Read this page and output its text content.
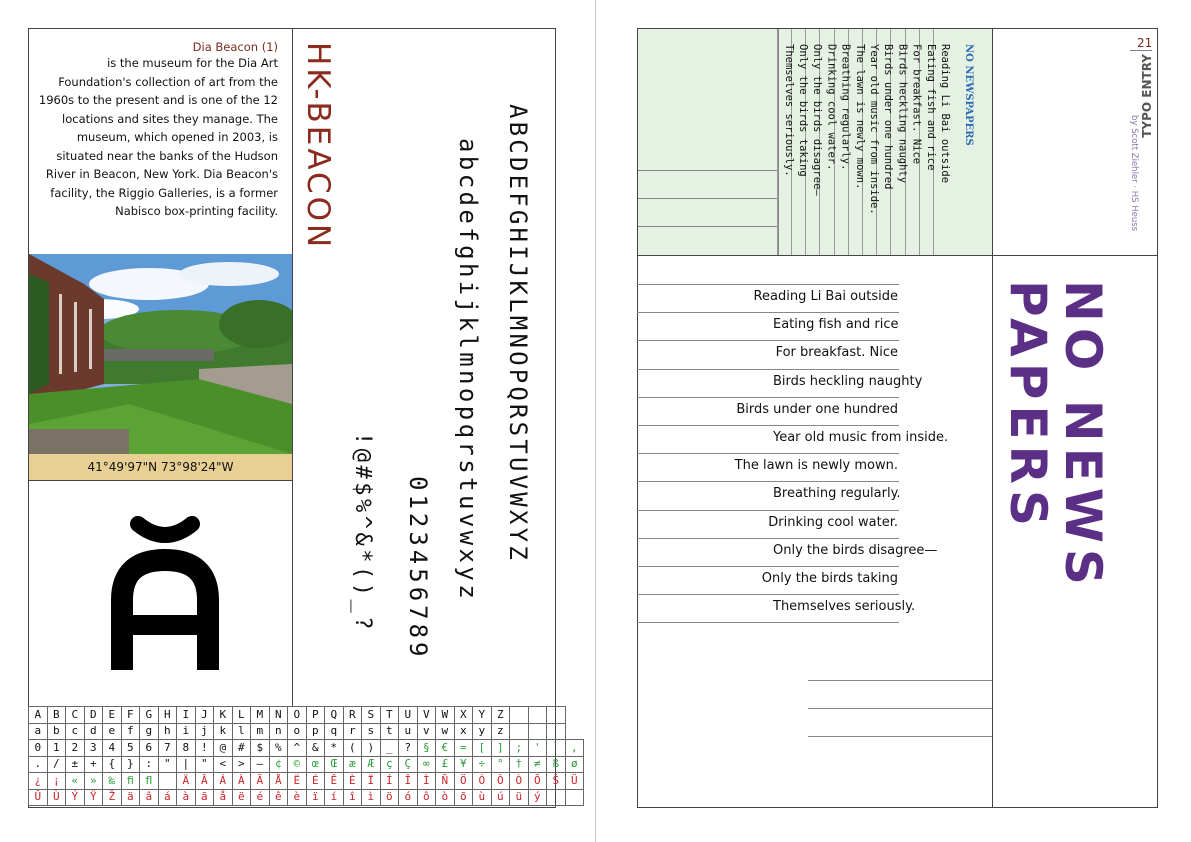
Dia Beacon (1)
is the museum for the Dia Art Foundation's collection of art from the 1960s to the present and is one of the 12 locations and sites they manage. The museum, which opened in 2003, is situated near the banks of the Hudson River in Beacon, New York. Dia Beacon's facility, the Riggio Galleries, is a former Nabisco box-printing facility.
41°49'97"N 73°98'24"W
HK-BEACON	ABCDEFGHIJKLMNOPQRSTUVWXYZ
abcdefghijklmnopqrstuvwxyz
0123456789
!@#$%^&*()_?
A	B	C	D	E	F	G	H	I	J	K	L	M	N	O	P	Q	R	S	T	U	V	W	X	Y	Z				
a	b	c	d	e	f	g	h	i	j	k	l	m	n	o	p	q	r	s	t	u	v	w	x	y	z				
0	1	2	3	4	5	6	7	8	!	@	#	$	%	^	&	*	(	)	_	?	§	€	=	[	]	;	'	`	,
.	/	±	+	{	}	:	"	|	"	<	>	—	¢	©	œ	Œ	æ	Æ	ç	Ç	∞	£	¥	÷	°	†	≠	ß	ø
¿	¡	«	»	‰	ﬁ	ﬂ		Ä	Â	Á	À	Ã	Å	Ë	É	Ê	È	Ï	Í	Î	Ì	Ñ	Ö	Ó	Ô	Ò	Õ	Š	Ü
Û	Ù	Ý	Ÿ	Ž	ä	â	á	à	ã	å	ë	é	ê	è	ï	í	î	ì	ö	ó	ô	ò	õ	ù	ú	ü	ý		
21
TYPO ENTRY
by Scott Ziehler · HS Heuss
NO NEWSPAPERS
Reading Li Bai outside
Eating fish and rice
For breakfast. Nice
Birds heckling naughty
Birds under one hundred
Year old music from inside.
The lawn is newly mown.
Breathing regularly.
Drinking cool water.
Only the birds disagree—
Only the birds taking
Themselves seriously.
NO NEWS PAPERS
Reading Li Bai outside
Eating fish and rice
For breakfast. Nice
Birds heckling naughty
Birds under one hundred
Year old music from inside.
The lawn is newly mown.
Breathing regularly.
Drinking cool water.
Only the birds disagree—
Only the birds taking
Themselves seriously.
